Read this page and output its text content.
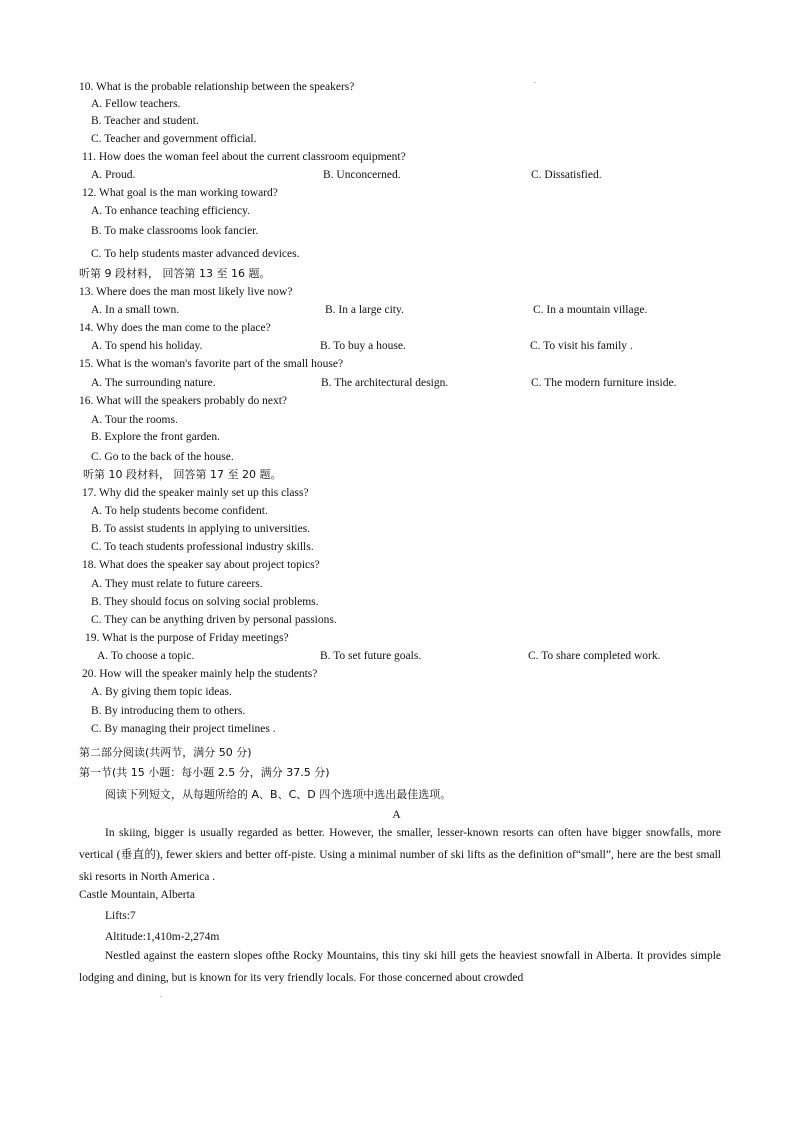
.
10. What is the probable relationship between the speakers?
A. Fellow teachers.
B. Teacher and student.
C. Teacher and government official.
11. How does the woman feel about the current classroom equipment?
A. Proud.	B. Unconcerned.	C. Dissatisfied.
12. What goal is the man working toward?
A. To enhance teaching efficiency.
B. To make classrooms look fancier.
C. To help students master advanced devices.
听第 9 段材料， 回答第 13 至 16 题。
13. Where does the man most likely live now?
A. In a small town.	B. In a large city.	C. In a mountain village.
14. Why does the man come to the place?
A. To spend his holiday.	B. To buy a house.	C. To visit his family .
15. What is the woman's favorite part of the small house?
A. The surrounding nature.	B. The architectural design.	C. The modern furniture inside.
16. What will the speakers probably do next?
A. Tour the rooms.
B. Explore the front garden.
C. Go to the back of the house.
听第 10 段材料， 回答第 17 至 20 题。
17. Why did the speaker mainly set up this class?
A. To help students become confident.
B. To assist students in applying to universities.
C. To teach students professional industry skills.
18. What does the speaker say about project topics?
A. They must relate to future careers.
B. They should focus on solving social problems.
C. They can be anything driven by personal passions.
19. What is the purpose of Friday meetings?
A. To choose a topic.	B. To set future goals.	C. To share completed work.
20. How will the speaker mainly help the students?
A. By giving them topic ideas.
B. By introducing them to others.
C. By managing their project timelines .
第二部分阅读(共两节，满分 50 分)
第一节(共 15 小题：每小题 2.5 分，满分 37.5 分)
阅读下列短文，从每题所给的 A、B、C、D 四个选项中选出最佳选项。
A
In skiing, bigger is usually regarded as better. However, the smaller, lesser-known resorts can often have bigger snowfalls, more vertical (垂直的), fewer skiers and better off-piste. Using a minimal number of ski lifts as the definition of“small”, here are the best small ski resorts in North America .
Castle Mountain, Alberta
Lifts:7
Altitude:1,410m-2,274m
Nestled against the eastern slopes ofthe Rocky Mountains, this tiny ski hill gets the heaviest snowfall in Alberta. It provides simple lodging and dining, but is known for its very friendly locals. For those concerned about crowded
.
